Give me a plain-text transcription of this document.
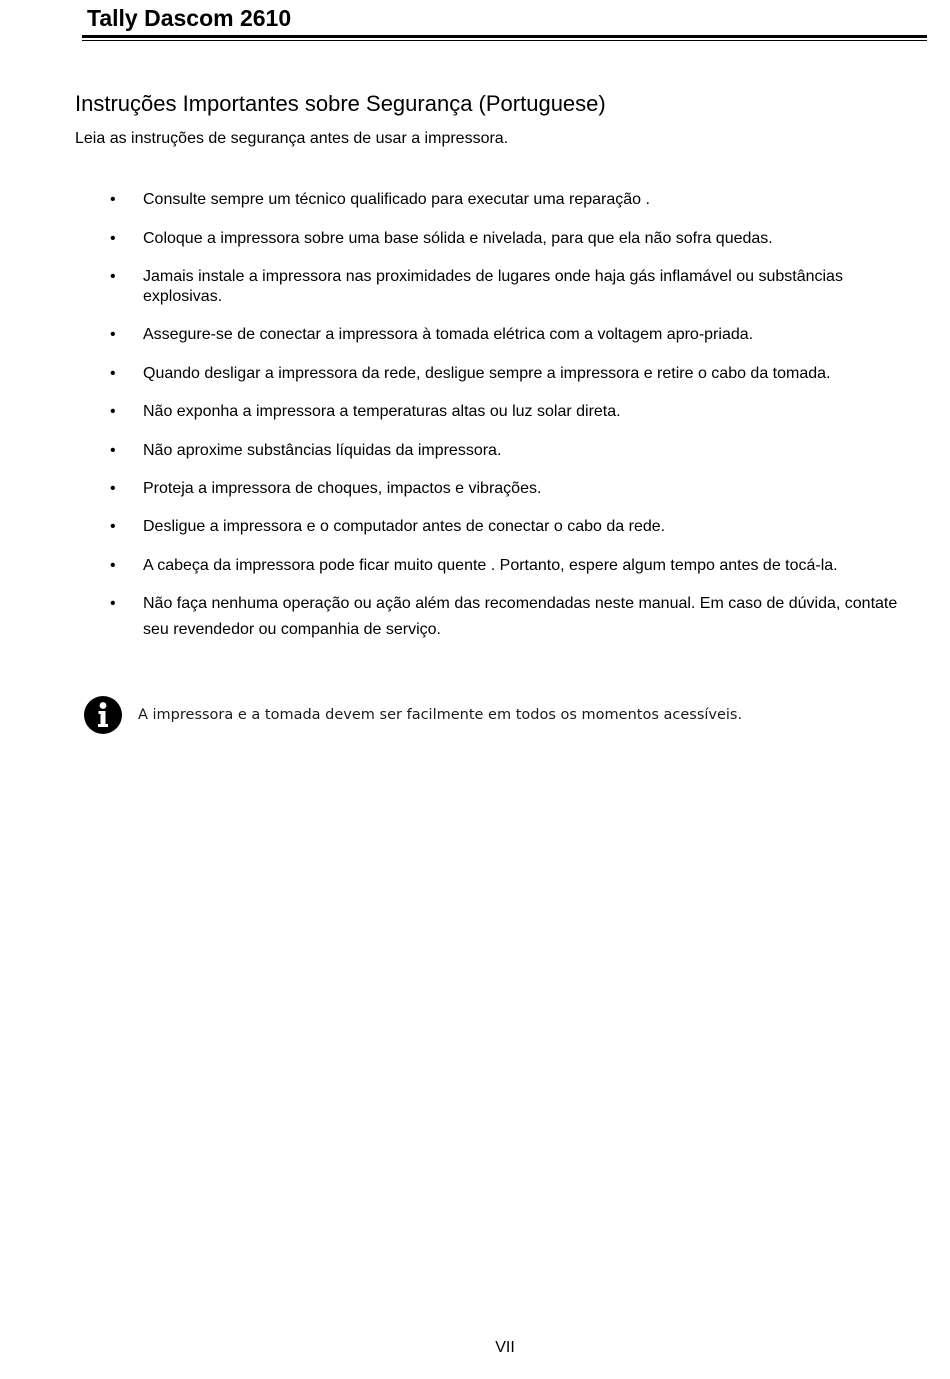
Tally Dascom 2610
Instruções Importantes sobre Segurança (Portuguese)

Leia as instruções de segurança antes de usar a impressora.

•	Consulte sempre um técnico qualificado para executar uma reparação .
•	Coloque a impressora sobre uma base sólida e nivelada, para que ela não sofra quedas.
•	Jamais instale a impressora nas proximidades de lugares onde haja gás inflamável ou substâncias explosivas.
•	Assegure-se de conectar a impressora à tomada elétrica com a voltagem apro-priada.
•	Quando desligar a impressora da rede, desligue sempre a impressora e retire o cabo da tomada.
•	Não exponha a impressora a temperaturas altas ou luz solar direta.
•	Não aproxime substâncias líquidas da impressora.
•	Proteja a impressora de choques, impactos e vibrações.
•	Desligue a impressora e o computador antes de conectar o cabo da rede.
•	A cabeça da impressora pode ficar muito quente . Portanto, espere algum tempo antes de tocá-la.
•	Não faça nenhuma operação ou ação além das recomendadas neste manual. Em caso de dúvida, contate seu revendedor ou companhia de serviço.
A impressora e a tomada devem ser facilmente em todos os momentos acessíveis.
VII
